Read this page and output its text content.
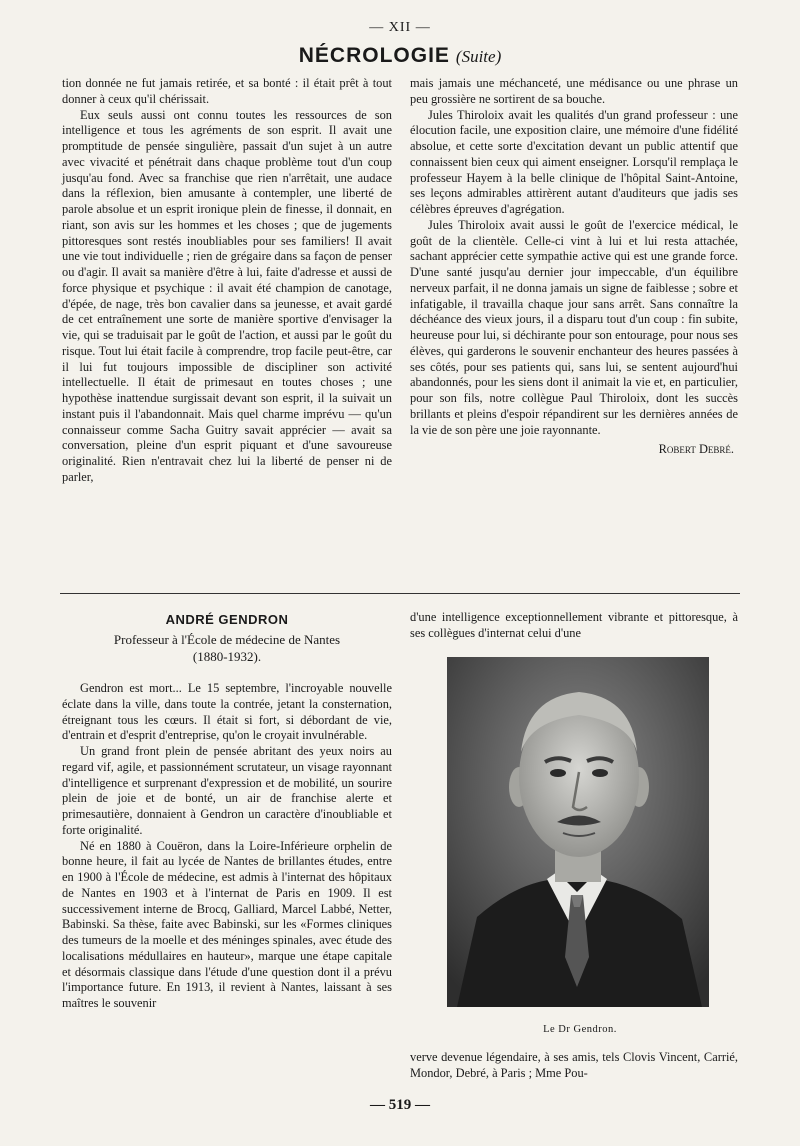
— XII —
NÉCROLOGIE (Suite)

tion donnée ne fut jamais retirée, et sa bonté : il était prêt à tout donner à ceux qu'il chérissait.

Eux seuls aussi ont connu toutes les ressources de son intelligence et tous les agréments de son esprit. Il avait une promptitude de pensée singulière, passait d'un sujet à un autre avec vivacité et pénétrait dans chaque problème tout d'un coup jusqu'au fond. Avec sa franchise que rien n'arrêtait, une audace dans la réflexion, bien amusante à contempler, une liberté de parole absolue et un esprit ironique plein de finesse, il donnait, en riant, son avis sur les hommes et les choses ; que de jugements pittoresques sont restés inoubliables pour ses familiers! Il avait une vie tout individuelle ; rien de grégaire dans sa façon de penser ou d'agir. Il avait sa manière d'être à lui, faite d'adresse et aussi de force physique et psychique : il avait été champion de canotage, d'épée, de nage, très bon cavalier dans sa jeunesse, et avait gardé de cet entraînement une sorte de manière sportive d'envisager la vie, qui se traduisait par le goût de l'action, et aussi par le goût du risque. Tout lui était facile à comprendre, trop facile peut-être, car il lui fut toujours impossible de discipliner son activité intellectuelle. Il était de primesaut en toutes choses ; une hypothèse inattendue surgissait devant son esprit, il la suivait un instant puis il l'abandonnait. Mais quel charme imprévu — qu'un connaisseur comme Sacha Guitry savait apprécier — avait sa conversation, pleine d'un esprit piquant et d'une savoureuse originalité. Rien n'entravait chez lui la liberté de penser ni de parler,

mais jamais une méchanceté, une médisance ou une phrase un peu grossière ne sortirent de sa bouche.

Jules Thiroloix avait les qualités d'un grand professeur : une élocution facile, une exposition claire, une mémoire d'une fidélité absolue, et cette sorte d'excitation devant un public attentif que connaissent bien ceux qui aiment enseigner. Lorsqu'il remplaça le professeur Hayem à la belle clinique de l'hôpital Saint-Antoine, ses leçons admirables attirèrent autant d'auditeurs que jadis ses célèbres épreuves d'agrégation.

Jules Thiroloix avait aussi le goût de l'exercice médical, le goût de la clientèle. Celle-ci vint à lui et lui resta attachée, sachant apprécier cette sympathie active qui est une grande force. D'une santé jusqu'au dernier jour impeccable, d'un équilibre nerveux parfait, il ne donna jamais un signe de faiblesse ; sobre et infatigable, il travailla chaque jour sans arrêt. Sans connaître la déchéance des vieux jours, il a disparu tout d'un coup : fin subite, heureuse pour lui, si déchirante pour son entourage, pour nous ses élèves, qui garderons le souvenir enchanteur des heures passées à ses côtés, pour ses patients qui, sans lui, se sentent aujourd'hui abandonnés, pour les siens dont il animait la vie et, en particulier, pour son fils, notre collègue Paul Thiroloix, dont les succès brillants et pleins d'espoir répandirent sur les dernières années de la vie de son père une joie rayonnante.

Robert Debré.
ANDRÉ GENDRON
Professeur à l'École de médecine de Nantes
(1880-1932).

Gendron est mort... Le 15 septembre, l'incroyable nouvelle éclate dans la ville, dans toute la contrée, jetant la consternation, étreignant tous les cœurs. Il était si fort, si débordant de vie, d'entrain et d'esprit d'entreprise, qu'on le croyait invulnérable.

Un grand front plein de pensée abritant des yeux noirs au regard vif, agile, et passionnément scrutateur, un visage rayonnant d'intelligence et surprenant d'expression et de mobilité, un sourire plein de joie et de bonté, un air de franchise alerte et primesautière, donnaient à Gendron un caractère d'inoubliable et forte originalité.

Né en 1880 à Couëron, dans la Loire-Inférieure orphelin de bonne heure, il fait au lycée de Nantes de brillantes études, entre en 1900 à l'École de médecine, est admis à l'internat des hôpitaux de Nantes en 1903 et à l'internat de Paris en 1909. Il est successivement interne de Brocq, Galliard, Marcel Labbé, Netter, Babinski. Sa thèse, faite avec Babinski, sur les «Formes cliniques des tumeurs de la moelle et des méninges spinales, avec étude des localisations médullaires en hauteur», marque une étape capitale et désormais classique dans l'étude d'une question dont il a prévu l'importance future. En 1913, il revient à Nantes, laissant à ses maîtres le souvenir

d'une intelligence exceptionnellement vibrante et pittoresque, à ses collègues d'internat celui d'une

Le Dr Gendron.

verve devenue légendaire, à ses amis, tels Clovis Vincent, Carrié, Mondor, Debré, à Paris ; Mme Pou-

— 519 —
